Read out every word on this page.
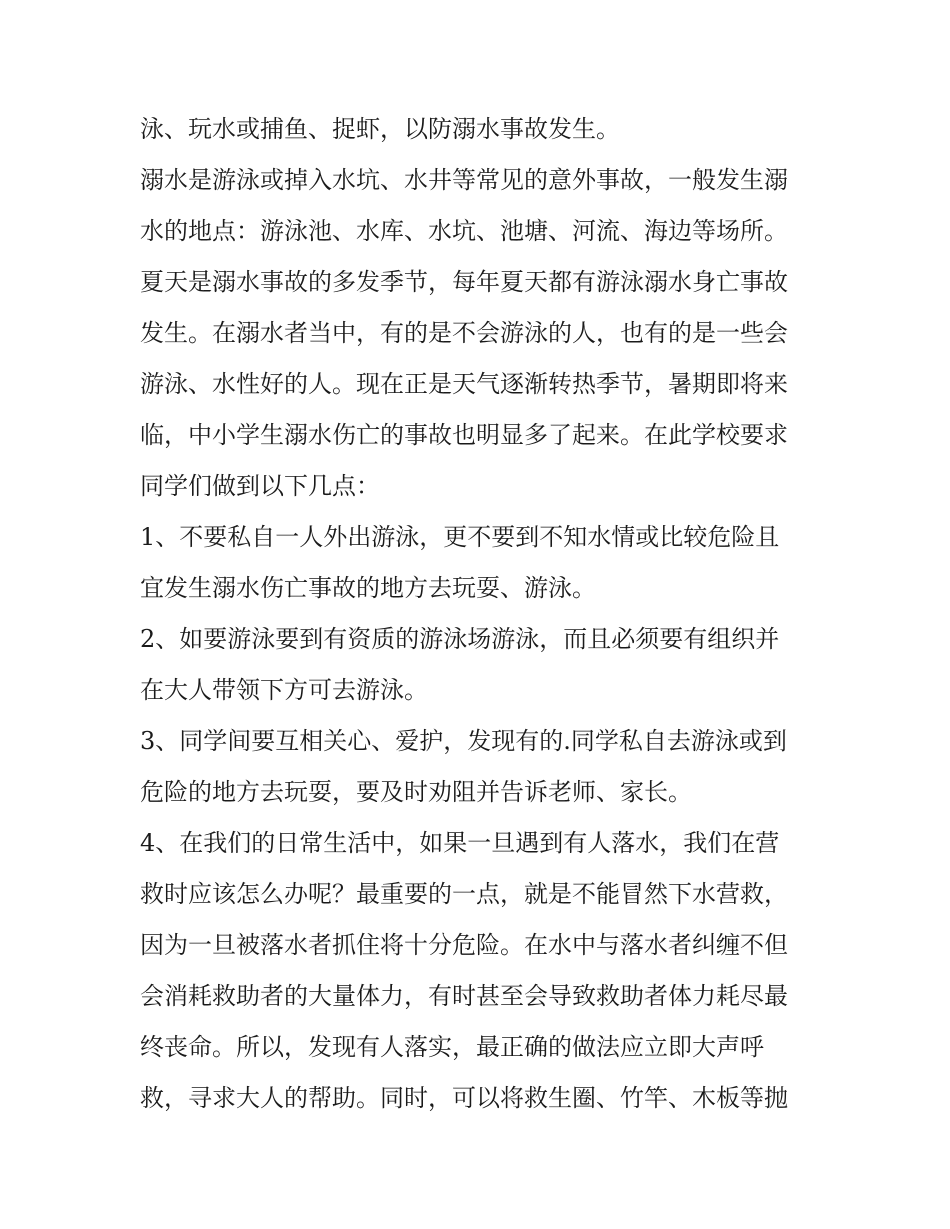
泳、玩水或捕鱼、捉虾，以防溺水事故发生。
溺水是游泳或掉入水坑、水井等常见的意外事故，一般发生溺
水的地点：游泳池、水库、水坑、池塘、河流、海边等场所。
夏天是溺水事故的多发季节，每年夏天都有游泳溺水身亡事故
发生。在溺水者当中，有的是不会游泳的人，也有的是一些会
游泳、水性好的人。现在正是天气逐渐转热季节，暑期即将来
临，中小学生溺水伤亡的事故也明显多了起来。在此学校要求
同学们做到以下几点：
1、不要私自一人外出游泳，更不要到不知水情或比较危险且
宜发生溺水伤亡事故的地方去玩耍、游泳。
2、如要游泳要到有资质的游泳场游泳，而且必须要有组织并
在大人带领下方可去游泳。
3、同学间要互相关心、爱护，发现有的.同学私自去游泳或到
危险的地方去玩耍，要及时劝阻并告诉老师、家长。
4、在我们的日常生活中，如果一旦遇到有人落水，我们在营
救时应该怎么办呢？最重要的一点，就是不能冒然下水营救，
因为一旦被落水者抓住将十分危险。在水中与落水者纠缠不但
会消耗救助者的大量体力，有时甚至会导致救助者体力耗尽最
终丧命。所以，发现有人落实，最正确的做法应立即大声呼
救，寻求大人的帮助。同时，可以将救生圈、竹竿、木板等抛
